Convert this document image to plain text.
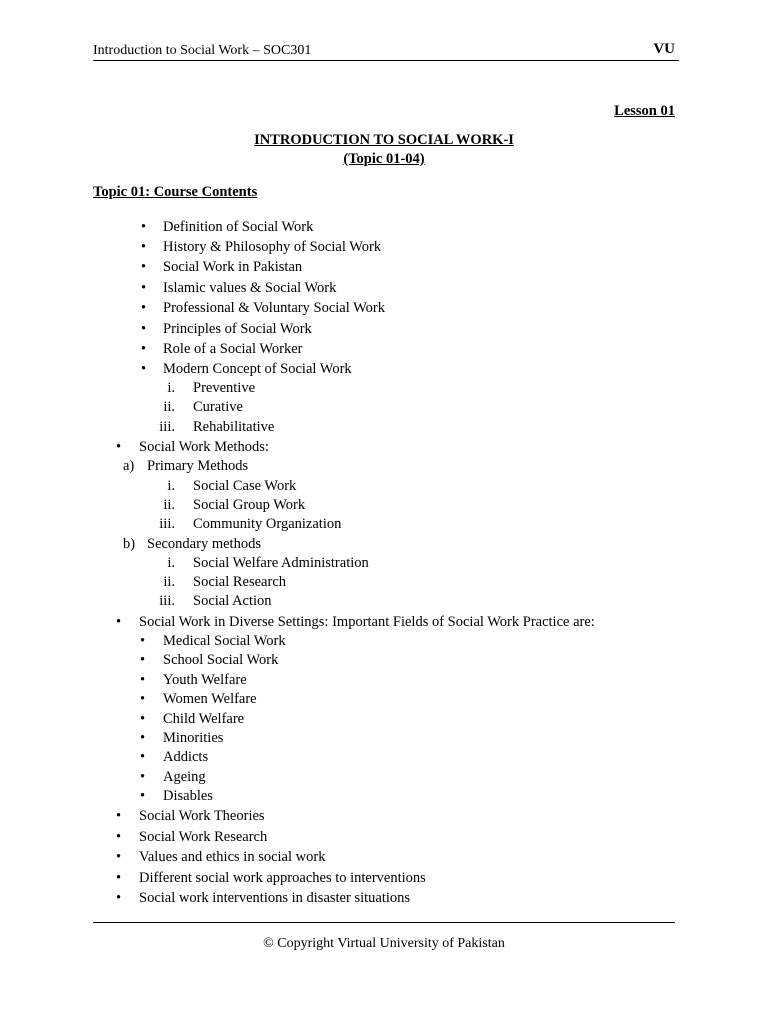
Introduction to Social Work – SOC301	VU
Lesson 01
INTRODUCTION TO SOCIAL WORK-I
(Topic 01-04)
Topic 01: Course Contents
• Definition of Social Work
• History & Philosophy of Social Work
• Social Work in Pakistan
• Islamic values & Social Work
• Professional & Voluntary Social Work
• Principles of Social Work
• Role of a Social Worker
• Modern Concept of Social Work
i. Preventive
ii. Curative
iii. Rehabilitative
• Social Work Methods:
a) Primary Methods
i. Social Case Work
ii. Social Group Work
iii. Community Organization
b) Secondary methods
i. Social Welfare Administration
ii. Social Research
iii. Social Action
• Social Work in Diverse Settings: Important Fields of Social Work Practice are:
• Medical Social Work
• School Social Work
• Youth Welfare
• Women Welfare
• Child Welfare
• Minorities
• Addicts
• Ageing
• Disables
• Social Work Theories
• Social Work Research
• Values and ethics in social work
• Different social work approaches to interventions
• Social work interventions in disaster situations
© Copyright Virtual University of Pakistan
